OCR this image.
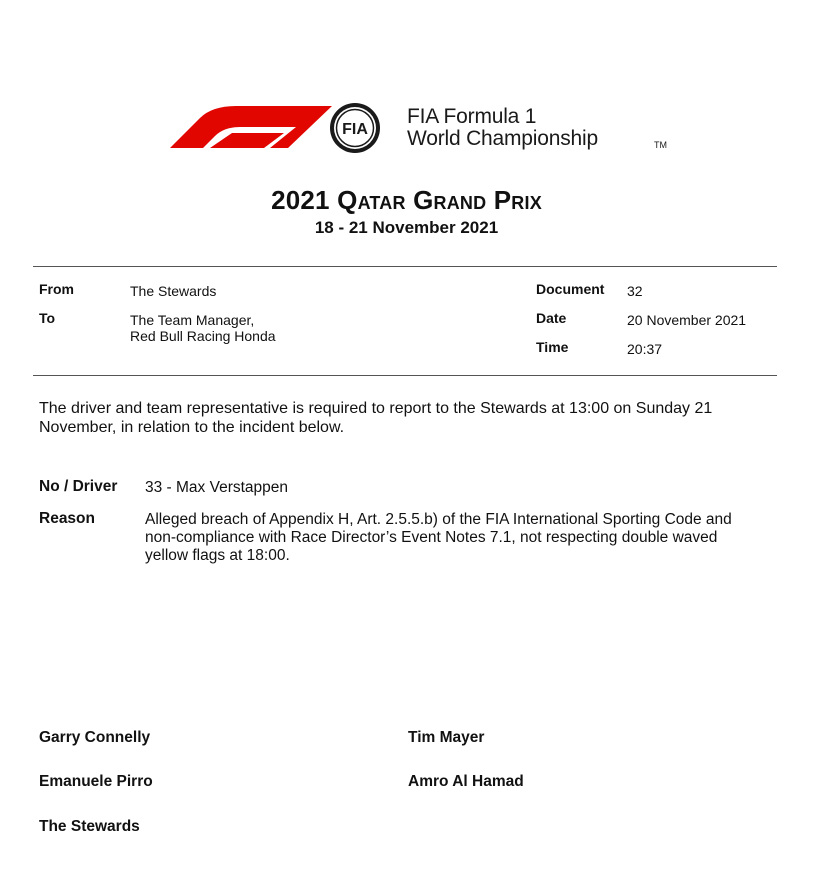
FIA
FIA Formula 1
World Championship	TM
2021 Qatar Grand Prix
18 - 21 November 2021
From	The Stewards
To	The Team Manager,
Red Bull Racing Honda
Document 32
Date	20 November 2021
Time	20:37
The driver and team representative is required to report to the Stewards at 13:00 on Sunday 21
November, in relation to the incident below.
No / Driver 33 - Max Verstappen
Reason	Alleged breach of Appendix H, Art. 2.5.5.b) of the FIA International Sporting Code and
non-compliance with Race Director’s Event Notes 7.1, not respecting double waved
yellow flags at 18:00.
Garry Connelly	Tim Mayer
Emanuele Pirro	Amro Al Hamad
The Stewards
